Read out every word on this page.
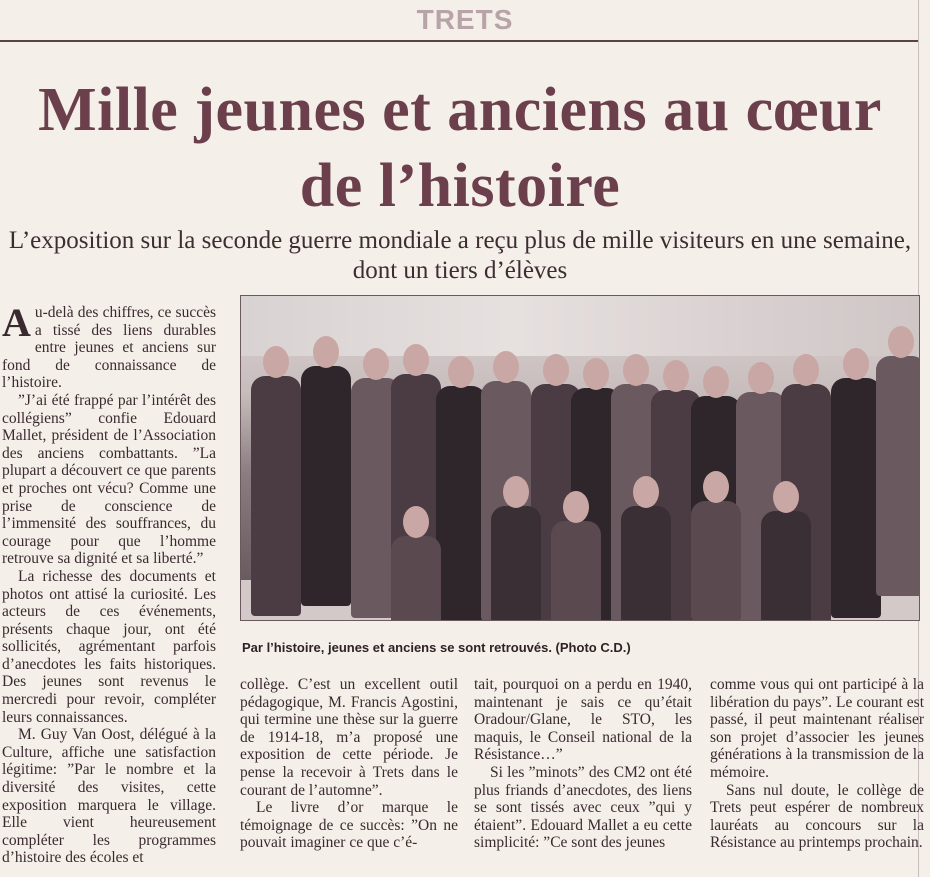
TRETS
Mille jeunes et anciens au cœur de l’histoire

L’exposition sur la seconde guerre mondiale a reçu plus de mille visiteurs en une semaine, dont un tiers d’élèves

Au-delà des chiffres, ce succès a tissé des liens durables entre jeunes et anciens sur fond de connaissance de l’histoire.

”J’ai été frappé par l’intérêt des collégiens” confie Edouard Mallet, président de l’Association des anciens combattants. ”La plupart a découvert ce que parents et proches ont vécu? Comme une prise de conscience de l’immensité des souffrances, du courage pour que l’homme retrouve sa dignité et sa liberté.”

La richesse des documents et photos ont attisé la curiosité. Les acteurs de ces événements, présents chaque jour, ont été sollicités, agrémentant parfois d’anecdotes les faits historiques. Des jeunes sont revenus le mercredi pour revoir, compléter leurs connaissances.

M. Guy Van Oost, délégué à la Culture, affiche une satisfaction légitime: ”Par le nombre et la diversité des visites, cette exposition marquera le village. Elle vient heureusement compléter les programmes d’histoire des écoles et

Par l’histoire, jeunes et anciens se sont retrouvés. (Photo C.D.)

collège. C’est un excellent outil pédagogique, M. Francis Agostini, qui termine une thèse sur la guerre de 1914-18, m’a proposé une exposition de cette période. Je pense la recevoir à Trets dans le courant de l’automne”.

Le livre d’or marque le témoignage de ce succès: ”On ne pouvait imaginer ce que c’é-

tait, pourquoi on a perdu en 1940, maintenant je sais ce qu’était Oradour/Glane, le STO, les maquis, le Conseil national de la Résistance…”

Si les ”minots” des CM2 ont été plus friands d’anecdotes, des liens se sont tissés avec ceux ”qui y étaient”. Edouard Mallet a eu cette simplicité: ”Ce sont des jeunes

comme vous qui ont participé à la libération du pays”. Le courant est passé, il peut maintenant réaliser son projet d’associer les jeunes générations à la transmission de la mémoire.

Sans nul doute, le collège de Trets peut espérer de nombreux lauréats au concours sur la Résistance au printemps prochain.
